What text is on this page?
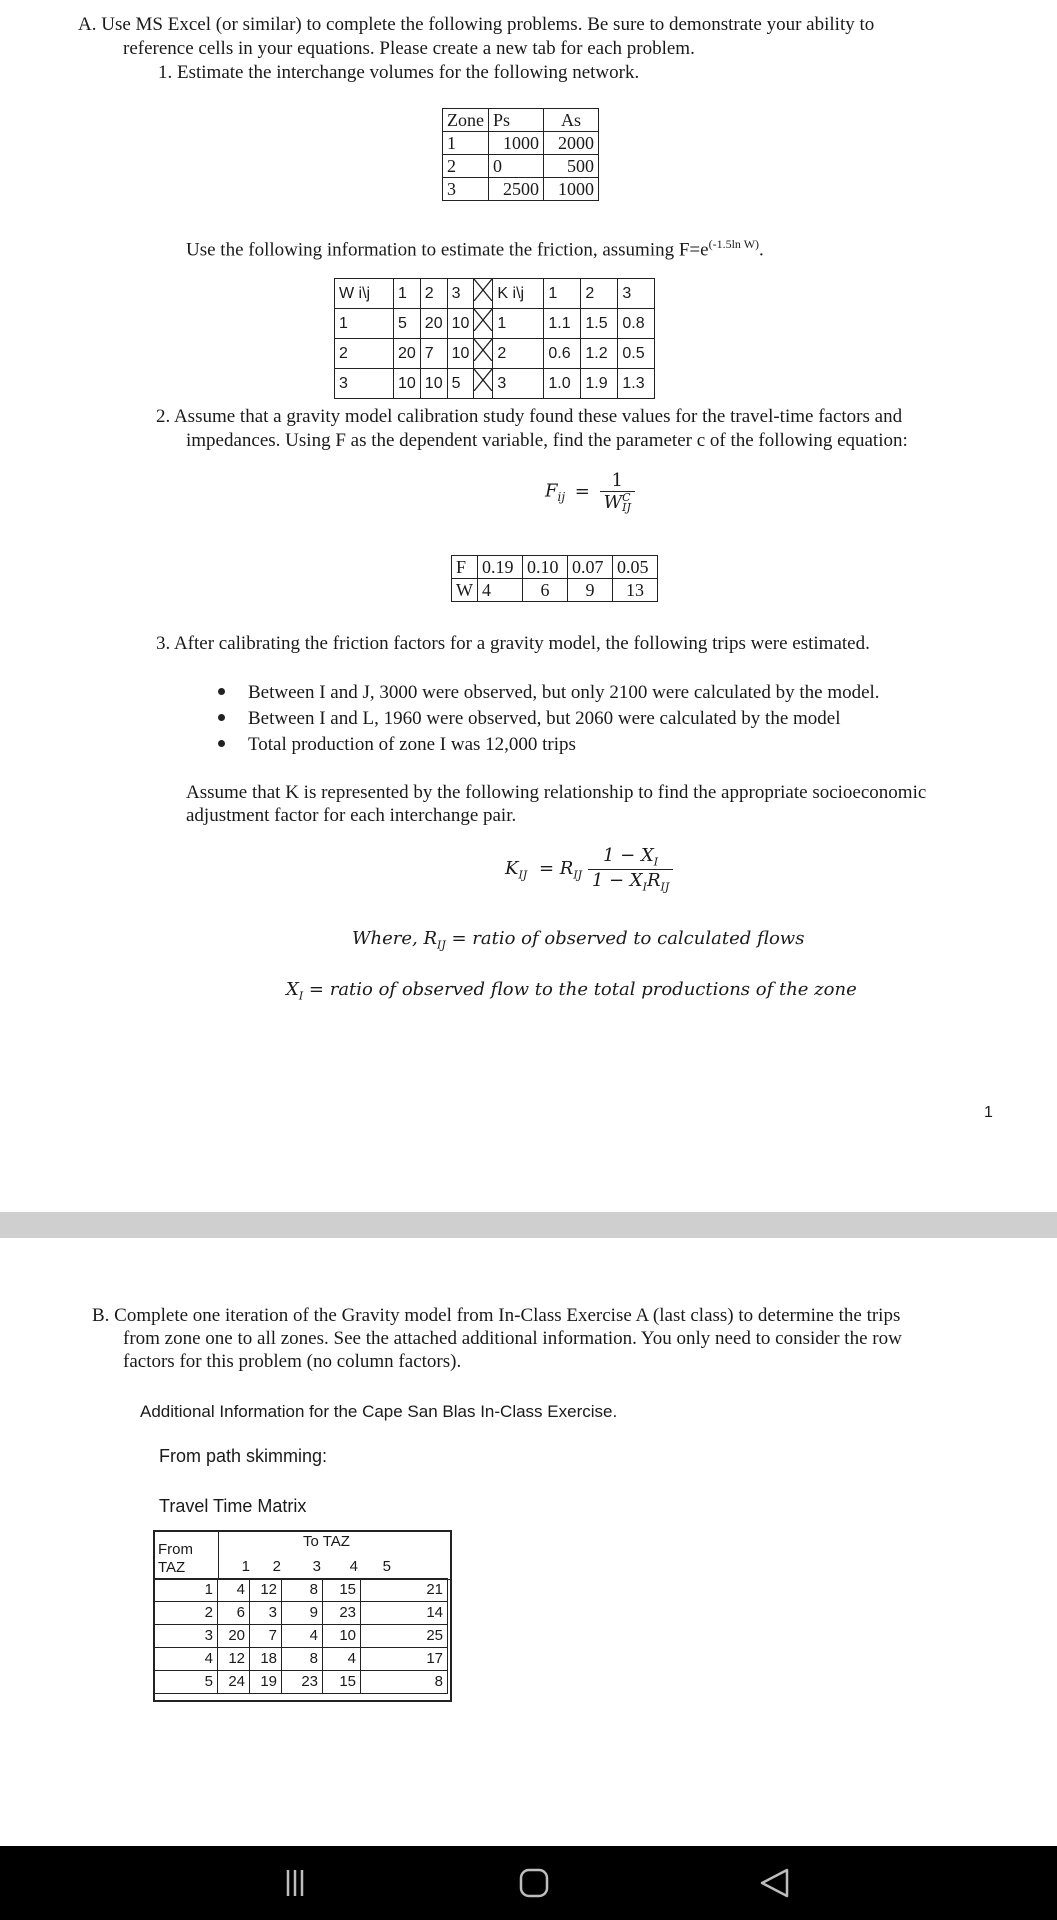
A. Use MS Excel (or similar) to complete the following problems. Be sure to demonstrate your ability to
reference cells in your equations. Please create a new tab for each problem.
1. Estimate the interchange volumes for the following network.
Zone	Ps	As
1	1000	2000
2	0	500
3	2500	1000
Use the following information to estimate the friction, assuming $F=e^{(-1.5ln W)}$.
W i\j	1	2	3		K i\j	1	2	3
1	5	20	10		1	1.1	1.5	0.8
2	20	7	10		2	0.6	1.2	0.5
3	10	10	5		3	1.0	1.9	1.3
2. Assume that a gravity model calibration study found these values for the travel-time factors and
impedances. Using F as the dependent variable, find the parameter c of the following equation:
$F_{ij} = 1$
W C
IJ
F	0.19	0.10	0.07	0.05
W	4	6	9	13
3. After calibrating the friction factors for a gravity model, the following trips were estimated.
Between I and J, 3000 were observed, but only 2100 were calculated by the model.
Between I and L, 1960 were observed, but 2060 were calculated by the model
Total production of zone I was 12,000 trips
Assume that K is represented by the following relationship to find the appropriate socioeconomic
adjustment factor for each interchange pair.
$K_{IJ} = R_{IJ} \frac{1 - X_I}{1 - X_IR_{IJ}}$
Where, $R_{IJ}$ = ratio of observed to calculated flows
$X_I$ = ratio of observed flow to the total productions of the zone
1
B. Complete one iteration of the Gravity model from In-Class Exercise A (last class) to determine the trips
from zone one to all zones. See the attached additional information. You only need to consider the row
factors for this problem (no column factors).
Additional Information for the Cape San Blas In-Class Exercise.
From path skimming:
Travel Time Matrix
From
TAZ
To TAZ
1	2	3	4	5
1	4	12	8	15	21
2	6	3	9	23	14
3	20	7	4	10	25
4	12	18	8	4	17
5	24	19	23	15	8
